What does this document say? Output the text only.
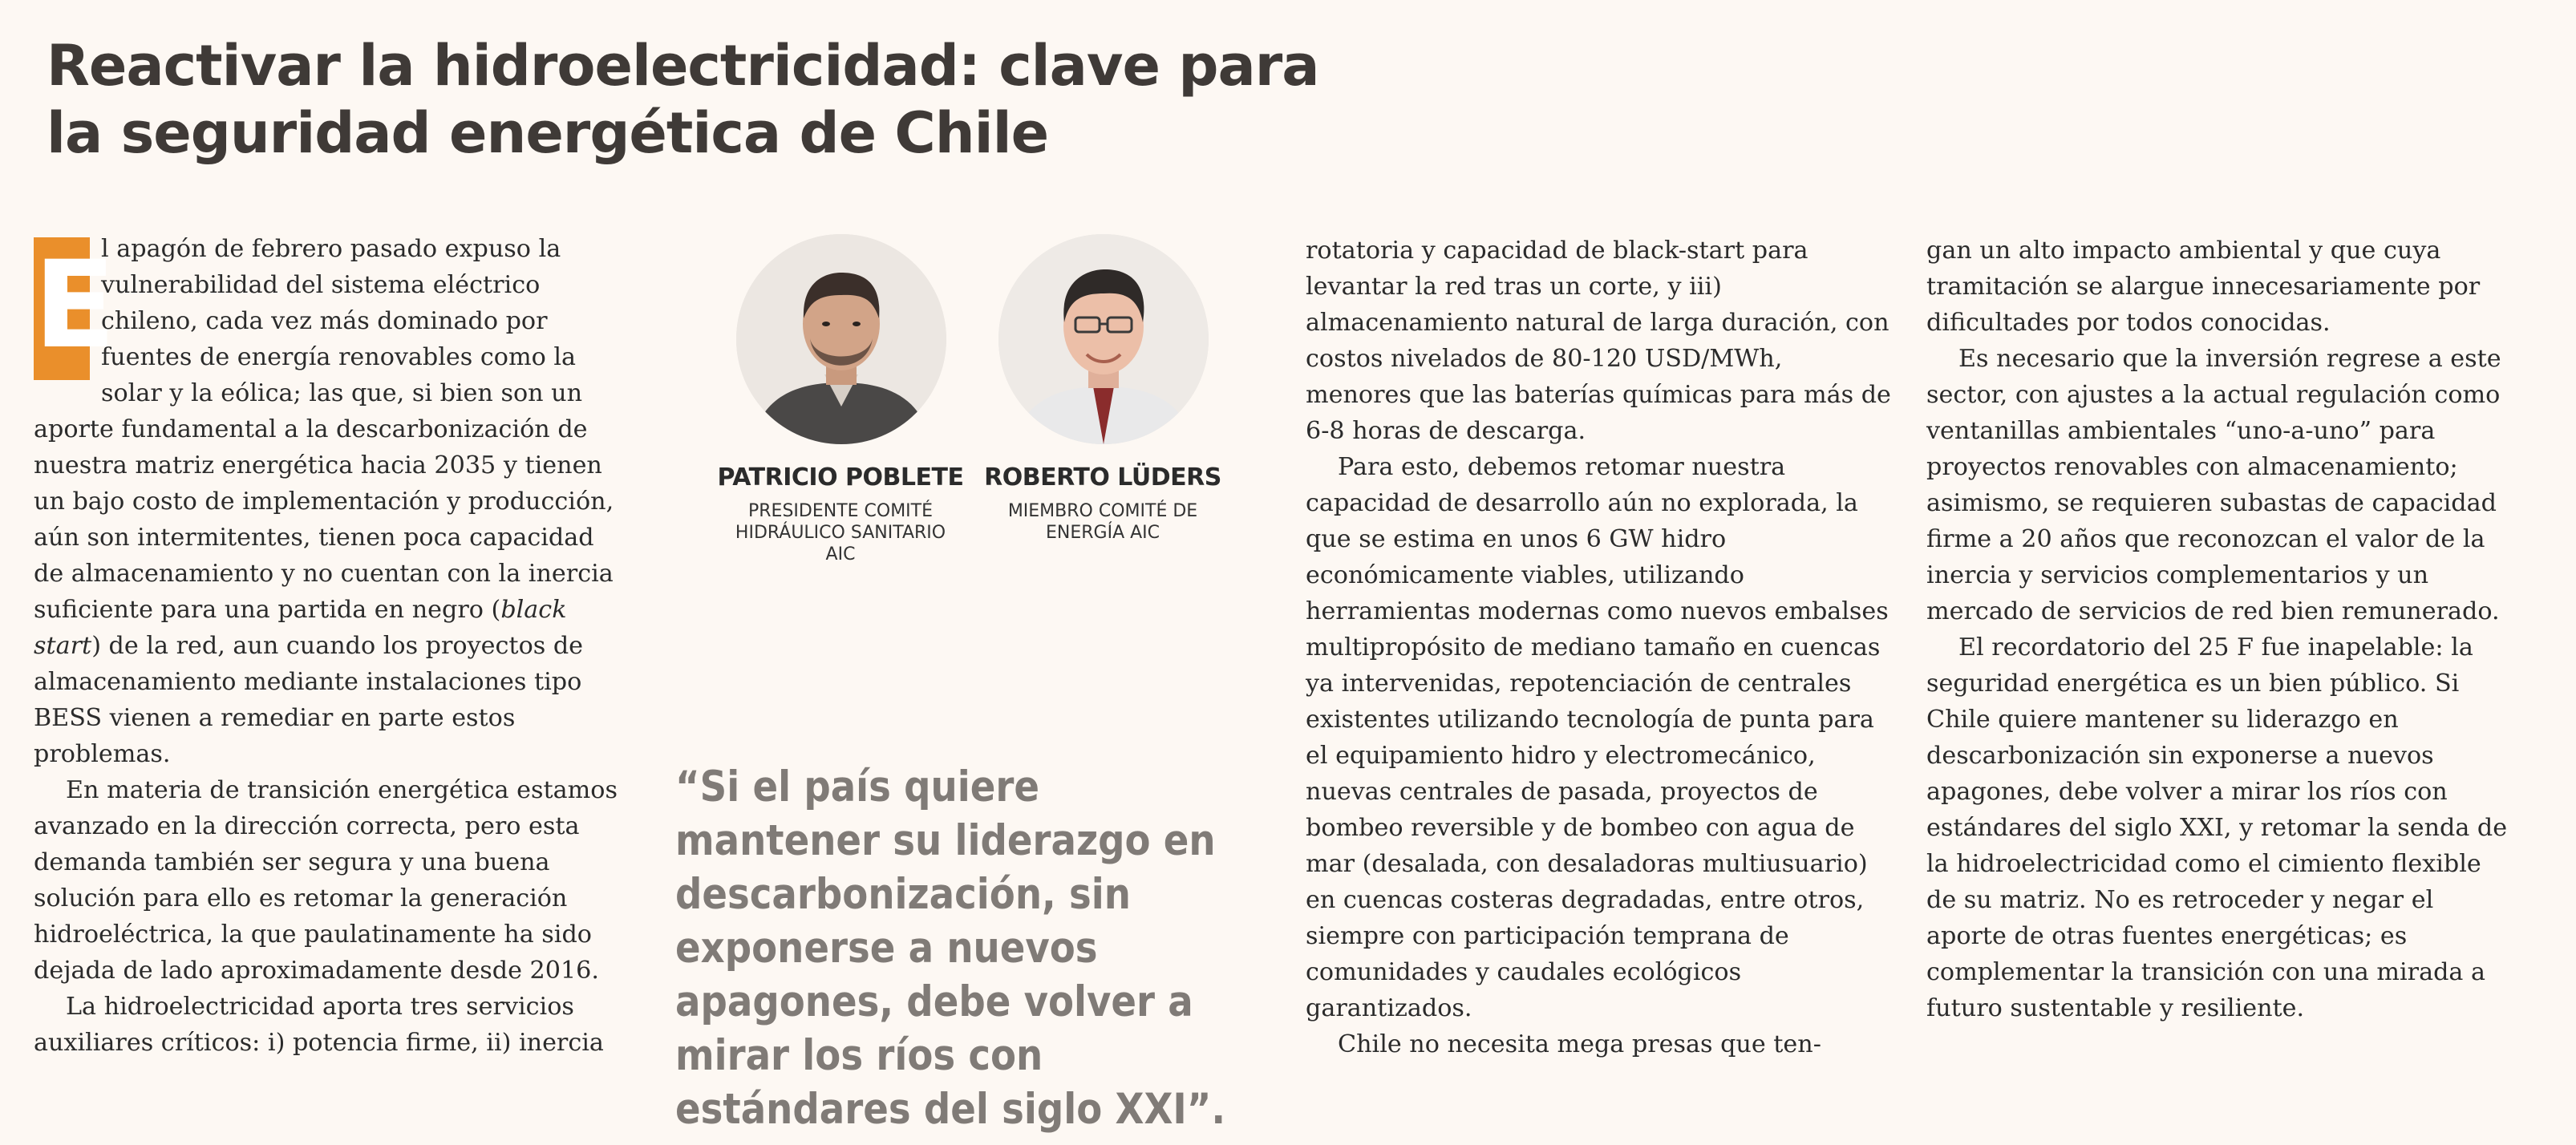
Reactivar la hidroelectricidad: clave para la seguridad energética de Chile

E
l apagón de febrero pasado expuso la vulnerabilidad del sistema eléctrico chileno, cada vez más dominado por fuentes de energía renovables como la solar y la eólica; las que, si bien son un aporte fundamental a la descarbonización de nuestra matriz energética hacia 2035 y tienen un bajo costo de implementación y producción, aún son intermitentes, tienen poca capacidad de almacenamiento y no cuentan con la inercia suficiente para una partida en negro (black start) de la red, aun cuando los proyectos de almacenamiento mediante instalaciones tipo BESS vienen a remediar en parte estos problemas.

En materia de transición energética estamos avanzado en la dirección correcta, pero esta demanda también ser segura y una buena solución para ello es retomar la generación hidroeléctrica, la que paulatinamente ha sido dejada de lado aproximadamente desde 2016.

La hidroelectricidad aporta tres servicios auxiliares críticos: i) potencia firme, ii) inercia

PATRICIO POBLETE

PRESIDENTE COMITÉ
HIDRÁULICO SANITARIO
AIC

ROBERTO LÜDERS

MIEMBRO COMITÉ DE
ENERGÍA AIC

“Si el país quiere mantener su liderazgo en descarbonización, sin exponerse a nuevos apagones, debe volver a mirar los ríos con estándares del siglo XXI”.

rotatoria y capacidad de black-start para levantar la red tras un corte, y iii) almacenamiento natural de larga duración, con costos nivelados de 80-120 USD/MWh, menores que las baterías químicas para más de 6-8 horas de descarga.

Para esto, debemos retomar nuestra capacidad de desarrollo aún no explorada, la que se estima en unos 6 GW hidro económicamente viables, utilizando herramientas modernas como nuevos embalses multipropósito de mediano tamaño en cuencas ya intervenidas, repotenciación de centrales existentes utilizando tecnología de punta para el equipamiento hidro y electromecánico, nuevas centrales de pasada, proyectos de bombeo reversible y de bombeo con agua de mar (desalada, con desaladoras multiusuario) en cuencas costeras degradadas, entre otros, siempre con participación temprana de comunidades y caudales ecológicos garantizados.

Chile no necesita mega presas que ten-

gan un alto impacto ambiental y que cuya tramitación se alargue innecesariamente por dificultades por todos conocidas.

Es necesario que la inversión regrese a este sector, con ajustes a la actual regulación como ventanillas ambientales “uno-a-uno” para proyectos renovables con almacenamiento; asimismo, se requieren subastas de capacidad firme a 20 años que reconozcan el valor de la inercia y servicios complementarios y un mercado de servicios de red bien remunerado.

El recordatorio del 25 F fue inapelable: la seguridad energética es un bien público. Si Chile quiere mantener su liderazgo en descarbonización sin exponerse a nuevos apagones, debe volver a mirar los ríos con estándares del siglo XXI, y retomar la senda de la hidroelectricidad como el cimiento flexible de su matriz. No es retroceder y negar el aporte de otras fuentes energéticas; es complementar la transición con una mirada a futuro sustentable y resiliente.
